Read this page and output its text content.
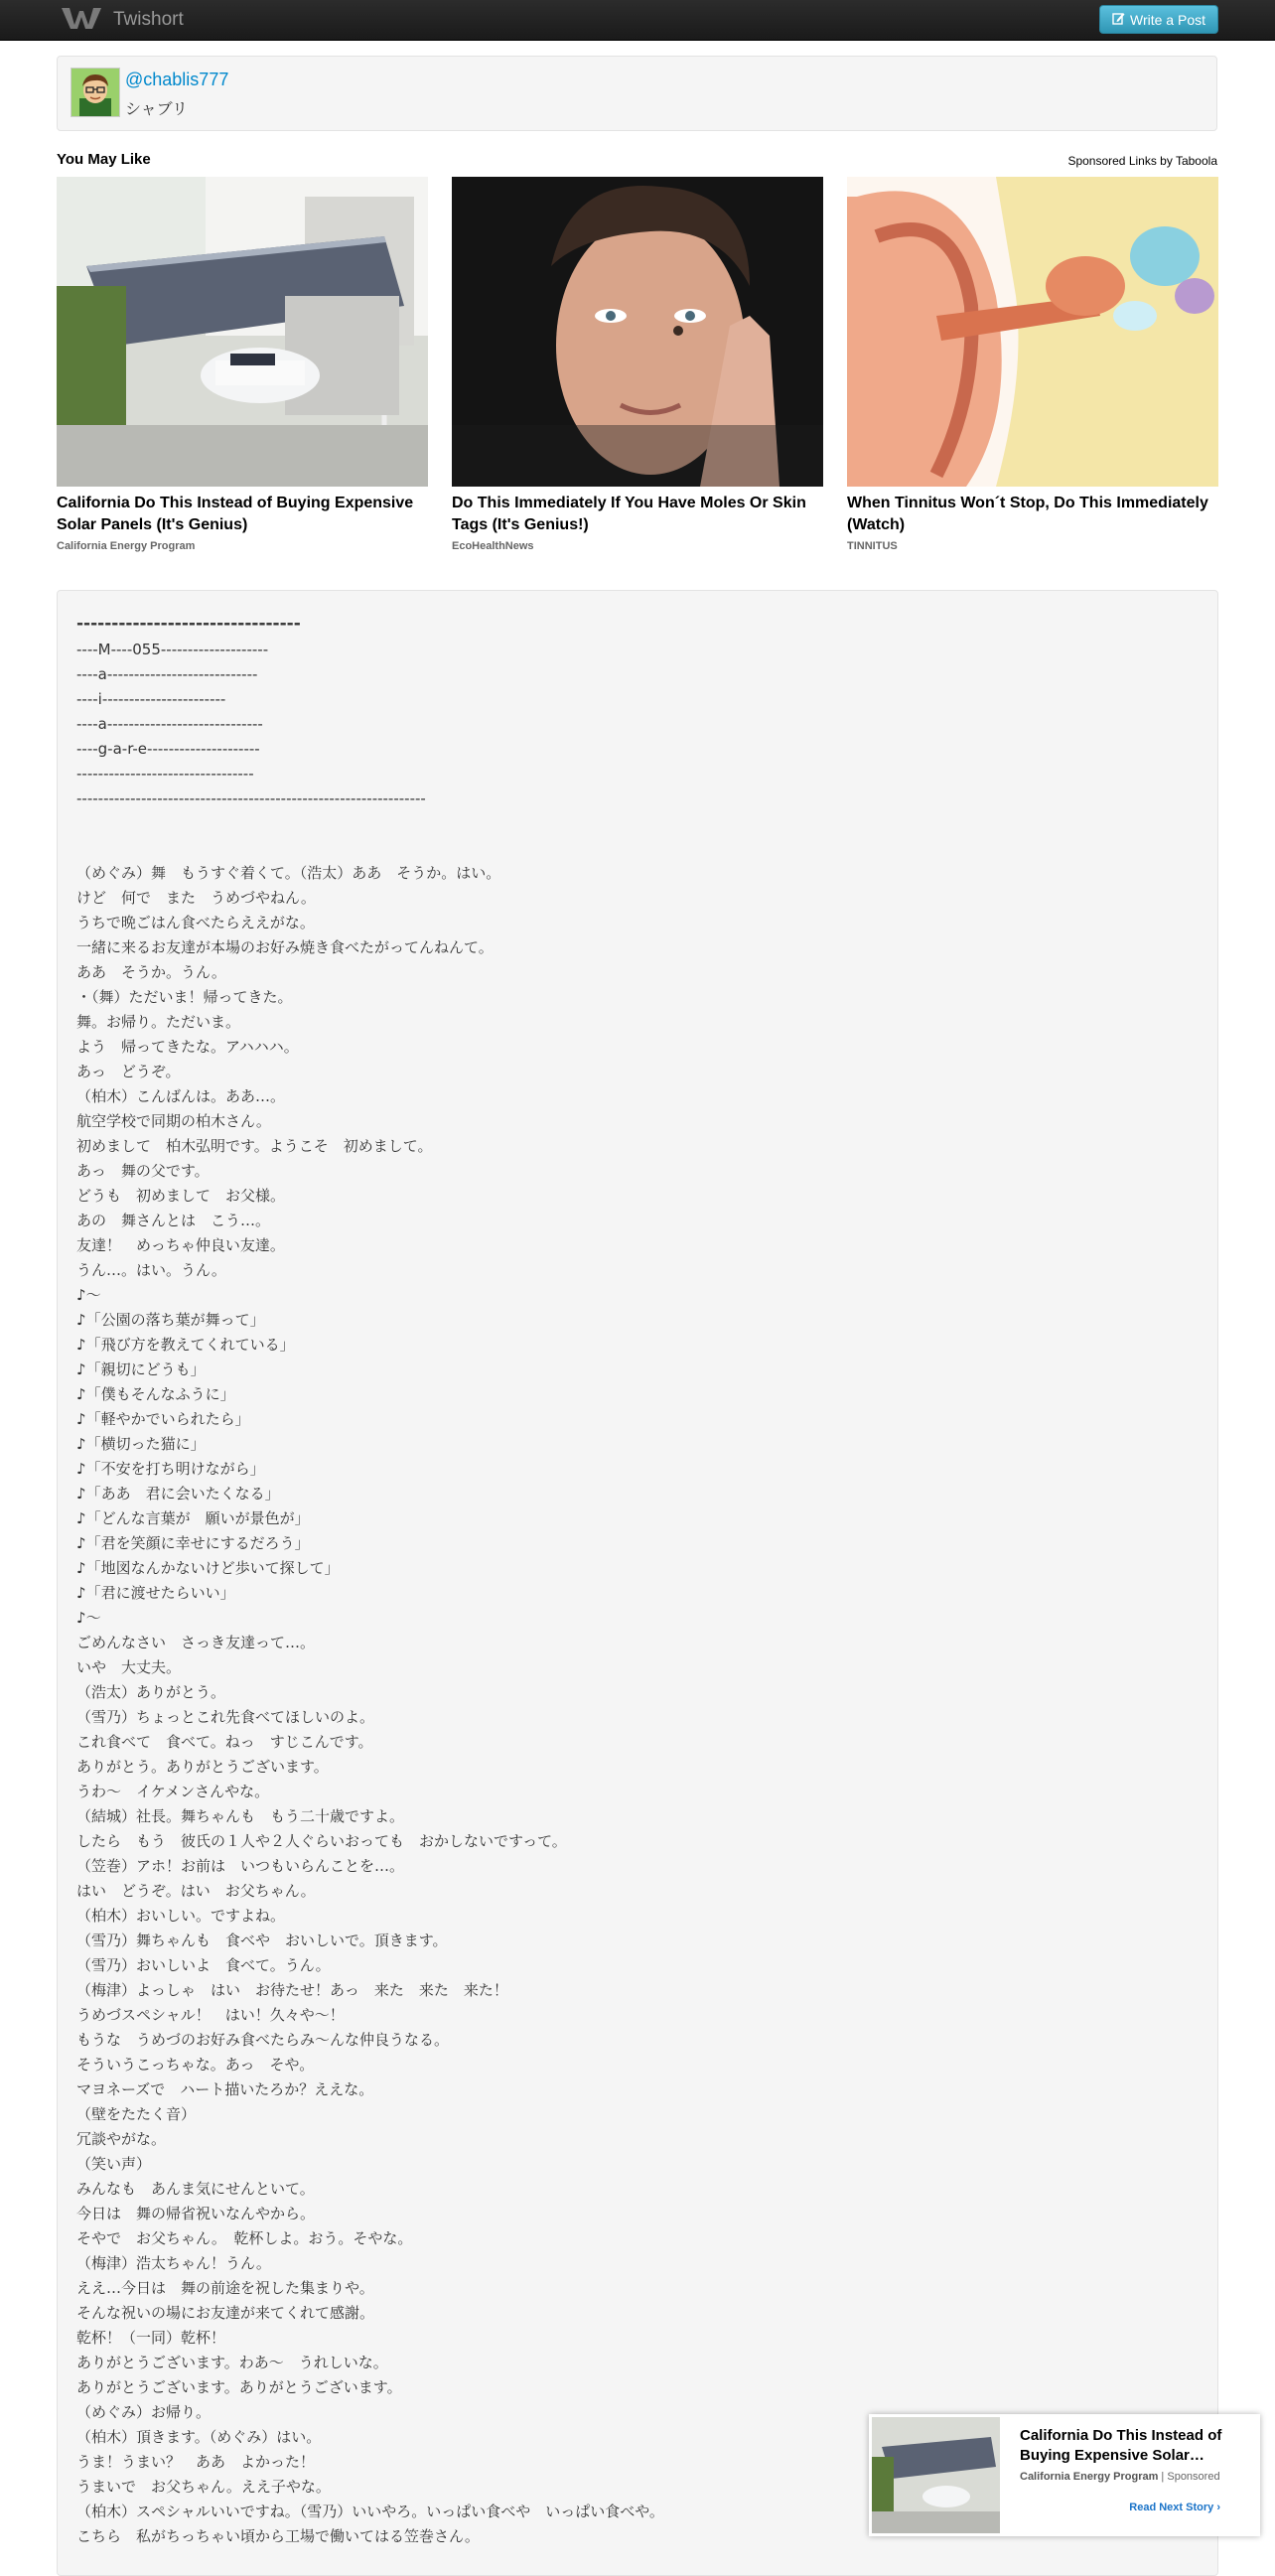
Twishort	Write a Post
@chablis777
シャブリ
You May Like	Sponsored Links by Taboola
California Do This Instead of Buying Expensive Solar Panels (It's Genius)
California Energy Program
Do This Immediately If You Have Moles Or Skin Tags (It's Genius!)
EcoHealthNews
When Tinnitus Won´t Stop, Do This Immediately (Watch)
TINNITUS
--------------------------------
----M----055--------------------
----a----------------------------
----i-----------------------
----a-----------------------------
----g-a-r-e---------------------
---------------------------------
-----------------------------------------------------------------
（めぐみ）舞　もうすぐ着くて。（浩太）ああ　そうか。はい。
けど　何で　また　うめづやねん。
うちで晩ごはん食べたらええがな。
一緒に来るお友達が本場のお好み焼き食べたがってんねんて。
ああ　そうか。うん。
・（舞）ただいま！帰ってきた。
舞。お帰り。ただいま。
よう　帰ってきたな。アハハハ。
あっ　どうぞ。
（柏木）こんばんは。ああ…。
航空学校で同期の柏木さん。
初めまして　柏木弘明です。ようこそ　初めまして。
あっ　舞の父です。
どうも　初めまして　お父様。
あの　舞さんとは　こう…。
友達！　めっちゃ仲良い友達。
うん…。はい。うん。
♪～
♪「公園の落ち葉が舞って」
♪「飛び方を教えてくれている」
♪「親切にどうも」
♪「僕もそんなふうに」
♪「軽やかでいられたら」
♪「横切った猫に」
♪「不安を打ち明けながら」
♪「ああ　君に会いたくなる」
♪「どんな言葉が　願いが景色が」
♪「君を笑顔に幸せにするだろう」
♪「地図なんかないけど歩いて探して」
♪「君に渡せたらいい」
♪～
ごめんなさい　さっき友達って…。
いや　大丈夫。
（浩太）ありがとう。
（雪乃）ちょっとこれ先食べてほしいのよ。
これ食べて　食べて。ねっ　すじこんです。
ありがとう。ありがとうございます。
うわ～　イケメンさんやな。
（結城）社長。舞ちゃんも　もう二十歳ですよ。
したら　もう　彼氏の１人や２人ぐらいおっても　おかしないですって。
（笠巻）アホ！お前は　いつもいらんことを…。
はい　どうぞ。はい　お父ちゃん。
（柏木）おいしい。ですよね。
（雪乃）舞ちゃんも　食べや　おいしいで。頂きます。
（雪乃）おいしいよ　食べて。うん。
（梅津）よっしゃ　はい　お待たせ！あっ　来た　来た　来た！
うめづスペシャル！　はい！久々や～！
もうな　うめづのお好み食べたらみ～んな仲良うなる。
そういうこっちゃな。あっ　そや。
マヨネーズで　ハート描いたろか？ええな。
（壁をたたく音）
冗談やがな。
（笑い声）
みんなも　あんま気にせんといて。
今日は　舞の帰省祝いなんやから。
そやで　お父ちゃん。　乾杯しよ。おう。そやな。
（梅津）浩太ちゃん！うん。
ええ…今日は　舞の前途を祝した集まりや。
そんな祝いの場にお友達が来てくれて感謝。
乾杯！（一同）乾杯！
ありがとうございます。わあ～　うれしいな。
ありがとうございます。ありがとうございます。
（めぐみ）お帰り。
（柏木）頂きます。（めぐみ）はい。
うま！うまい？　ああ　よかった！
うまいで　お父ちゃん。ええ子やな。
（柏木）スペシャルいいですね。（雪乃）いいやろ。いっぱい食べや　いっぱい食べや。
こちら　私がちっちゃい頃から工場で働いてはる笠巻さん。
California Do This Instead of Buying Expensive Solar…
California Energy Program | Sponsored
Read Next Story ›
